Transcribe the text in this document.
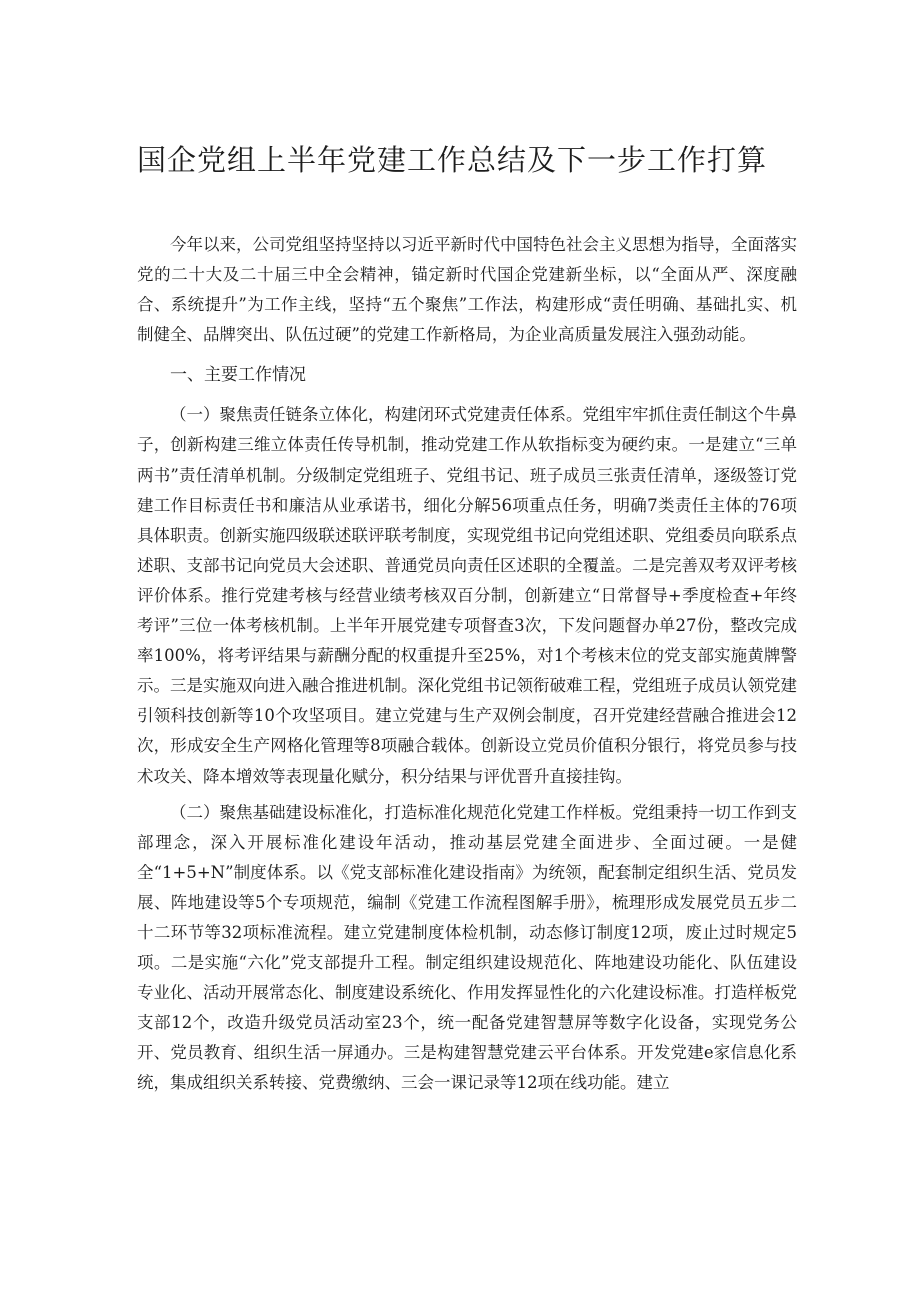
国企党组上半年党建工作总结及下一步工作打算

今年以来，公司党组坚持坚持以习近平新时代中国特色社会主义思想为指导，全面落实党的二十大及二十届三中全会精神，锚定新时代国企党建新坐标，以“全面从严、深度融合、系统提升”为工作主线，坚持“五个聚焦”工作法，构建形成“责任明确、基础扎实、机制健全、品牌突出、队伍过硬”的党建工作新格局，为企业高质量发展注入强劲动能。

一、主要工作情况

（一）聚焦责任链条立体化，构建闭环式党建责任体系。党组牢牢抓住责任制这个牛鼻子，创新构建三维立体责任传导机制，推动党建工作从软指标变为硬约束。一是建立“三单两书”责任清单机制。分级制定党组班子、党组书记、班子成员三张责任清单，逐级签订党建工作目标责任书和廉洁从业承诺书，细化分解56项重点任务，明确7类责任主体的76项具体职责。创新实施四级联述联评联考制度，实现党组书记向党组述职、党组委员向联系点述职、支部书记向党员大会述职、普通党员向责任区述职的全覆盖。二是完善双考双评考核评价体系。推行党建考核与经营业绩考核双百分制，创新建立“日常督导+季度检查+年终考评”三位一体考核机制。上半年开展党建专项督查3次，下发问题督办单27份，整改完成率100%，将考评结果与薪酬分配的权重提升至25%，对1个考核末位的党支部实施黄牌警示。三是实施双向进入融合推进机制。深化党组书记领衔破难工程，党组班子成员认领党建引领科技创新等10个攻坚项目。建立党建与生产双例会制度，召开党建经营融合推进会12次，形成安全生产网格化管理等8项融合载体。创新设立党员价值积分银行，将党员参与技术攻关、降本增效等表现量化赋分，积分结果与评优晋升直接挂钩。

（二）聚焦基础建设标准化，打造标准化规范化党建工作样板。党组秉持一切工作到支部理念，深入开展标准化建设年活动，推动基层党建全面进步、全面过硬。一是健全“1+5+N”制度体系。以《党支部标准化建设指南》为统领，配套制定组织生活、党员发展、阵地建设等5个专项规范，编制《党建工作流程图解手册》，梳理形成发展党员五步二十二环节等32项标准流程。建立党建制度体检机制，动态修订制度12项，废止过时规定5项。二是实施“六化”党支部提升工程。制定组织建设规范化、阵地建设功能化、队伍建设专业化、活动开展常态化、制度建设系统化、作用发挥显性化的六化建设标准。打造样板党支部12个，改造升级党员活动室23个，统一配备党建智慧屏等数字化设备，实现党务公开、党员教育、组织生活一屏通办。三是构建智慧党建云平台体系。开发党建e家信息化系统，集成组织关系转接、党费缴纳、三会一课记录等12项在线功能。建立
